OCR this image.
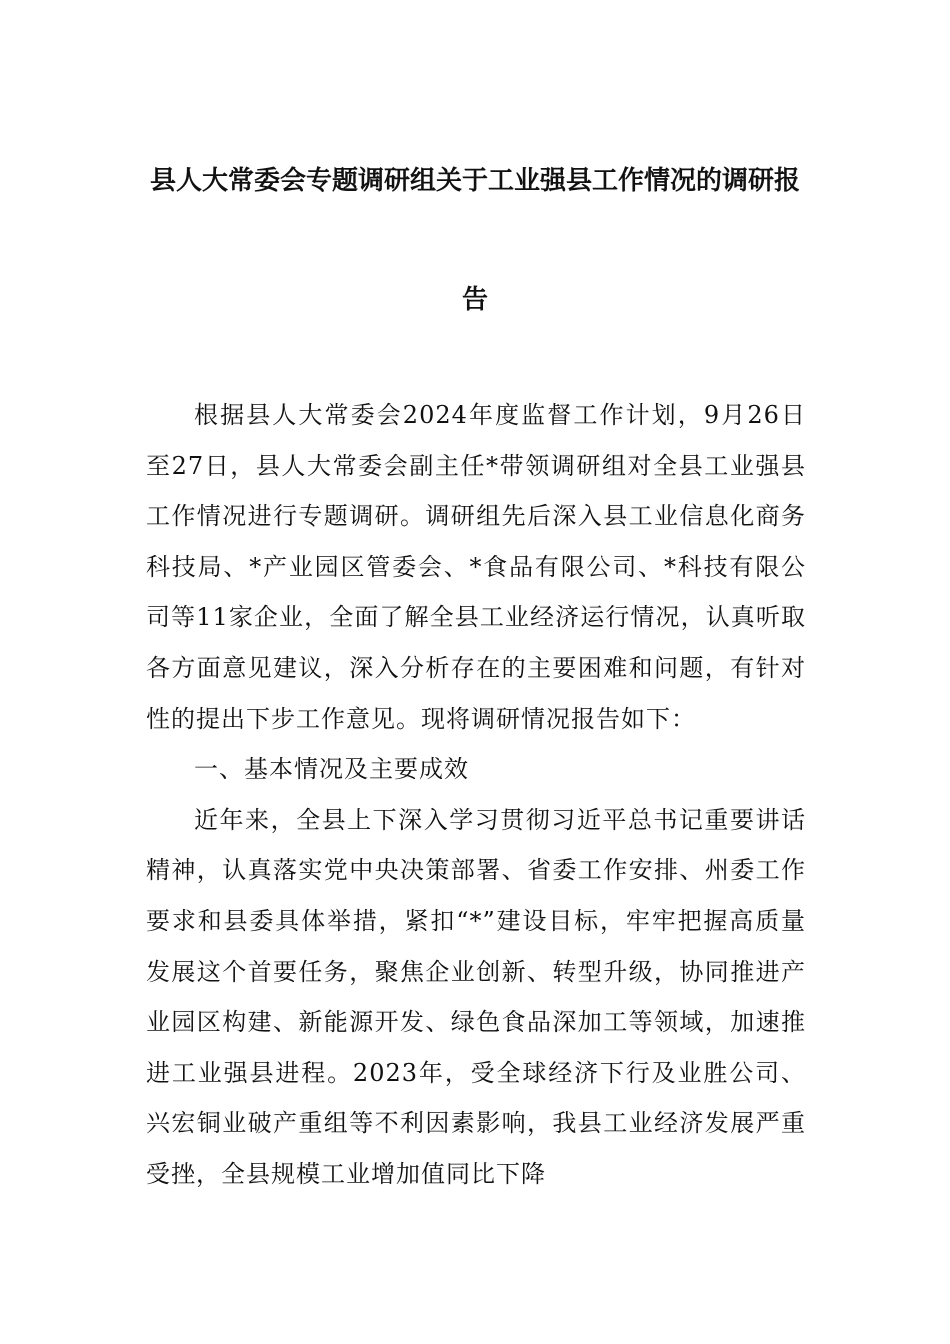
县人大常委会专题调研组关于工业强县工作情况的调研报
告

根据县人大常委会2024年度监督工作计划，9月26日至27日，县人大常委会副主任*带领调研组对全县工业强县工作情况进行专题调研。调研组先后深入县工业信息化商务科技局、*产业园区管委会、*食品有限公司、*科技有限公司等11家企业，全面了解全县工业经济运行情况，认真听取各方面意见建议，深入分析存在的主要困难和问题，有针对性的提出下步工作意见。现将调研情况报告如下：

一、基本情况及主要成效

近年来，全县上下深入学习贯彻习近平总书记重要讲话精神，认真落实党中央决策部署、省委工作安排、州委工作要求和县委具体举措，紧扣“*”建设目标，牢牢把握高质量发展这个首要任务，聚焦企业创新、转型升级，协同推进产业园区构建、新能源开发、绿色食品深加工等领域，加速推进工业强县进程。2023年，受全球经济下行及业胜公司、兴宏铜业破产重组等不利因素影响，我县工业经济发展严重受挫，全县规模工业增加值同比下降
